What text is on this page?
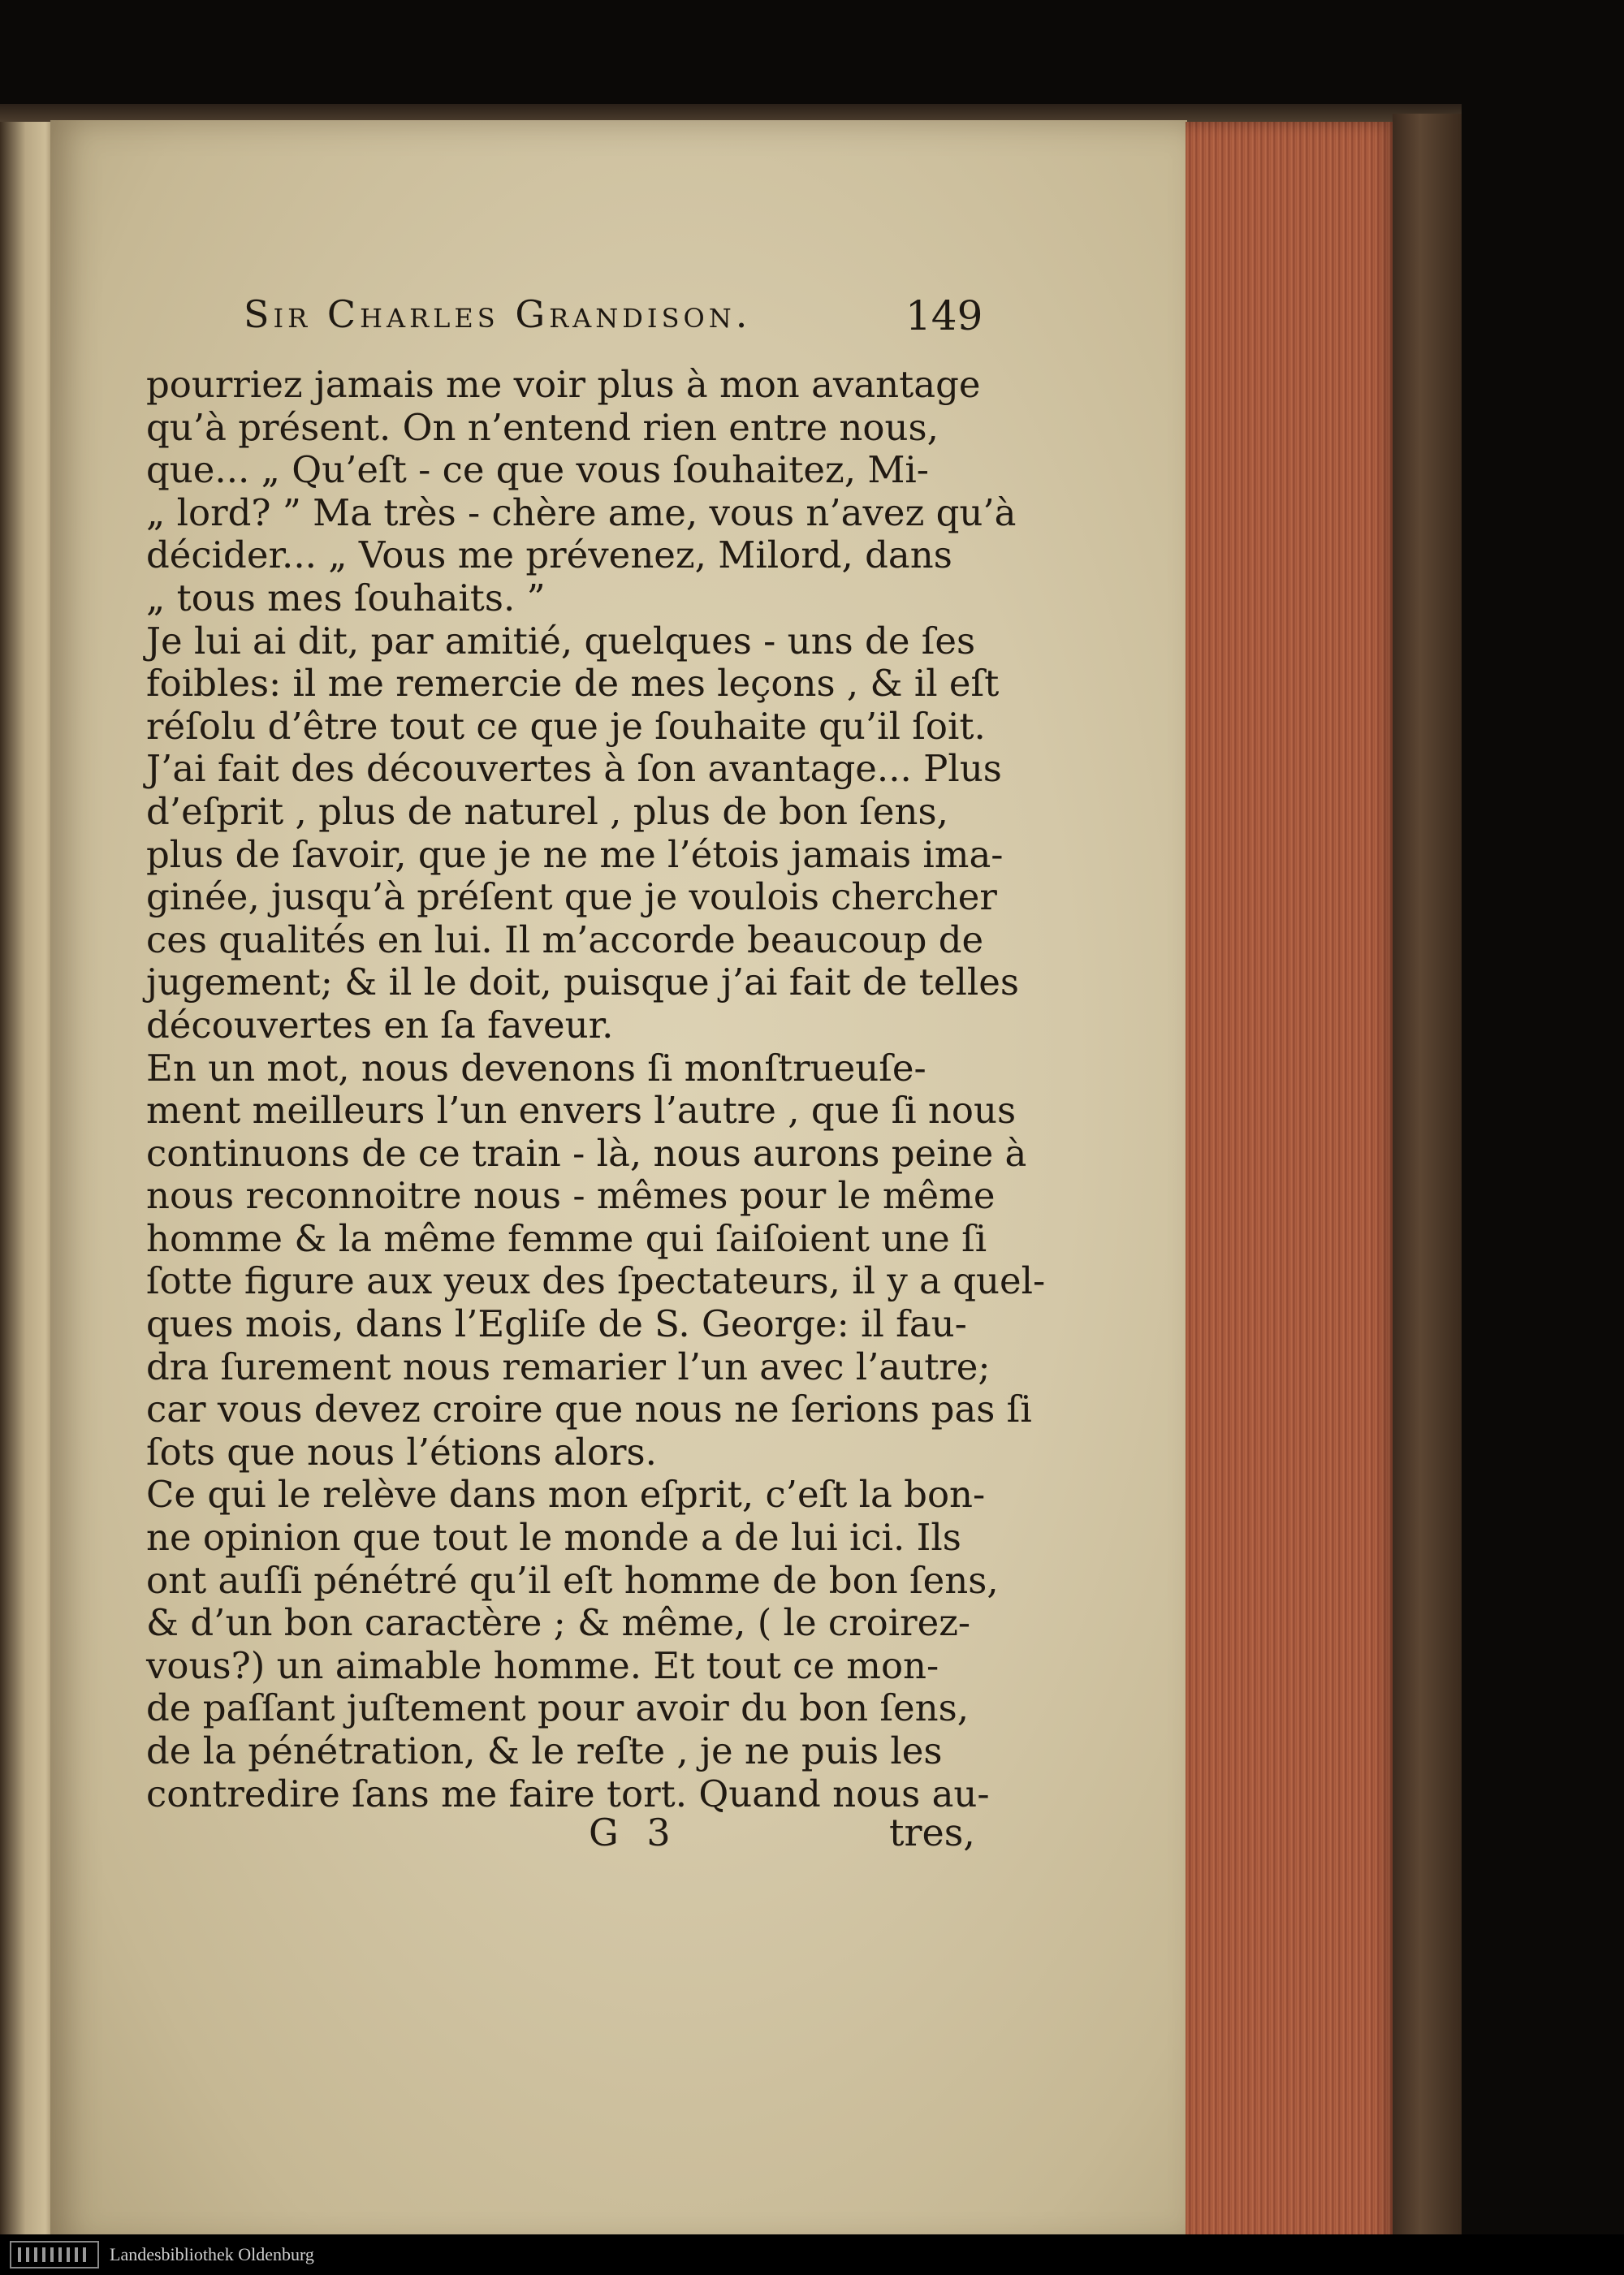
Sir Charles Grandison.	149
pourriez jamais me voir plus à mon avantage
qu’à présent. On n’entend rien entre nous,
que... „ Qu’eſt - ce que vous ſouhaitez, Mi-
„ lord? ” Ma très - chère ame, vous n’avez qu’à
décider... „ Vous me prévenez, Milord, dans
„ tous mes ſouhaits. ”
Je lui ai dit, par amitié, quelques - uns de ſes
foibles: il me remercie de mes leçons , & il eſt
réſolu d’être tout ce que je ſouhaite qu’il ſoit.
J’ai fait des découvertes à ſon avantage... Plus
d’eſprit , plus de naturel , plus de bon ſens,
plus de ſavoir, que je ne me l’étois jamais ima-
ginée, jusqu’à préſent que je voulois chercher
ces qualités en lui. Il m’accorde beaucoup de
jugement; & il le doit, puisque j’ai fait de telles
découvertes en ſa faveur.
En un mot, nous devenons ſi monſtrueuſe-
ment meilleurs l’un envers l’autre , que ſi nous
continuons de ce train - là, nous aurons peine à
nous reconnoitre nous - mêmes pour le même
homme & la même femme qui ſaiſoient une ſi
ſotte figure aux yeux des ſpectateurs, il y a quel-
ques mois, dans l’Egliſe de S. George: il fau-
dra ſurement nous remarier l’un avec l’autre;
car vous devez croire que nous ne ſerions pas ſi
ſots que nous l’étions alors.
Ce qui le relève dans mon eſprit, c’eſt la bon-
ne opinion que tout le monde a de lui ici. Ils
ont auſſi pénétré qu’il eſt homme de bon ſens,
& d’un bon caractère ; & même, ( le croirez-
vous?) un aimable homme. Et tout ce mon-
de paſſant juſtement pour avoir du bon ſens,
de la pénétration, & le reſte , je ne puis les
contredire ſans me faire tort. Quand nous au-
G 3	tres,
Landesbibliothek Oldenburg
